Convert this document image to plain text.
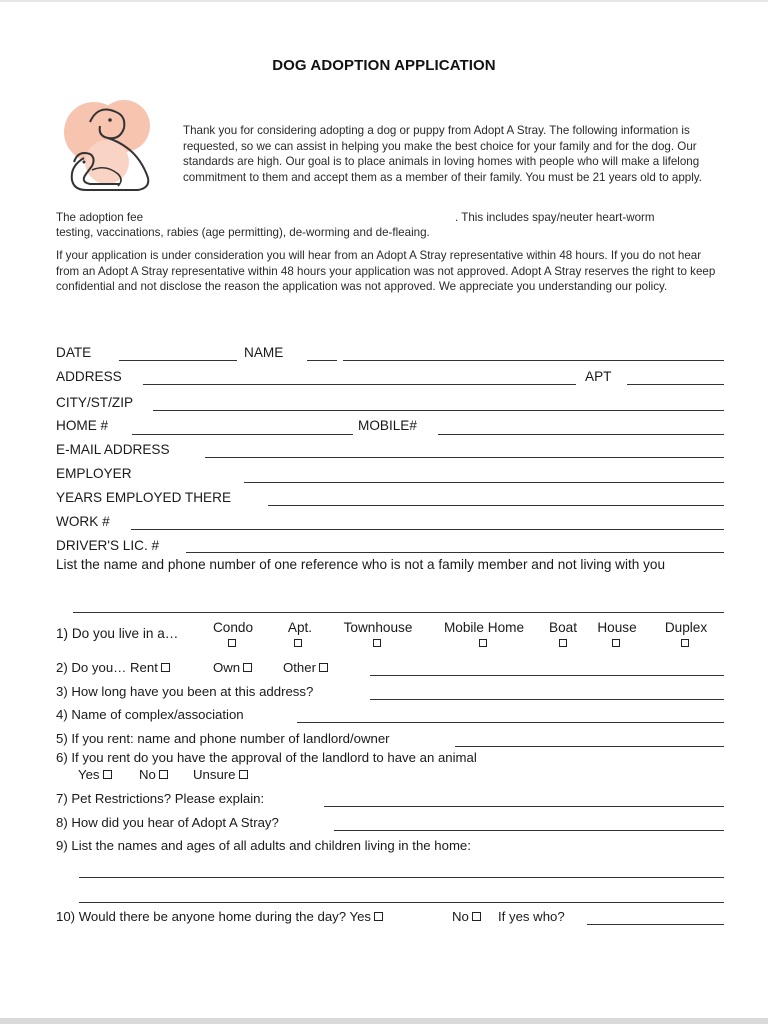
DOG ADOPTION APPLICATION
Thank you for considering adopting a dog or puppy from Adopt A Stray. The following information is requested, so we can assist in helping you make the best choice for your family and for the dog. Our standards are high. Our goal is to place animals in loving homes with people who will make a lifelong commitment to them and accept them as a member of their family. You must be 21 years old to apply.
The adoption fee	. This includes spay/neuter heart-worm
testing, vaccinations, rabies (age permitting), de-worming and de-fleaing.
If your application is under consideration you will hear from an Adopt A Stray representative within 48 hours. If you do not hear from an Adopt A Stray representative within 48 hours your application was not approved. Adopt A Stray reserves the right to keep confidential and not disclose the reason the application was not approved. We appreciate you understanding our policy.
DATE	NAME
ADDRESS	APT
CITY/ST/ZIP
HOME #	MOBILE#
E-MAIL ADDRESS
EMPLOYER
YEARS EMPLOYED THERE
WORK #
DRIVER'S LIC. #
List the name and phone number of one reference who is not a family member and not living with you
1) Do you live in a…	Condo	Apt.	Townhouse	Mobile Home	Boat	House	Duplex
2) Do you… Rent	Own	Other
3) How long have you been at this address?
4) Name of complex/association
5) If you rent: name and phone number of landlord/owner
6) If you rent do you have the approval of the landlord to have an animal
Yes	No	Unsure
7) Pet Restrictions? Please explain:
8) How did you hear of Adopt A Stray?
9) List the names and ages of all adults and children living in the home:
10) Would there be anyone home during the day? Yes	No	If yes who?
